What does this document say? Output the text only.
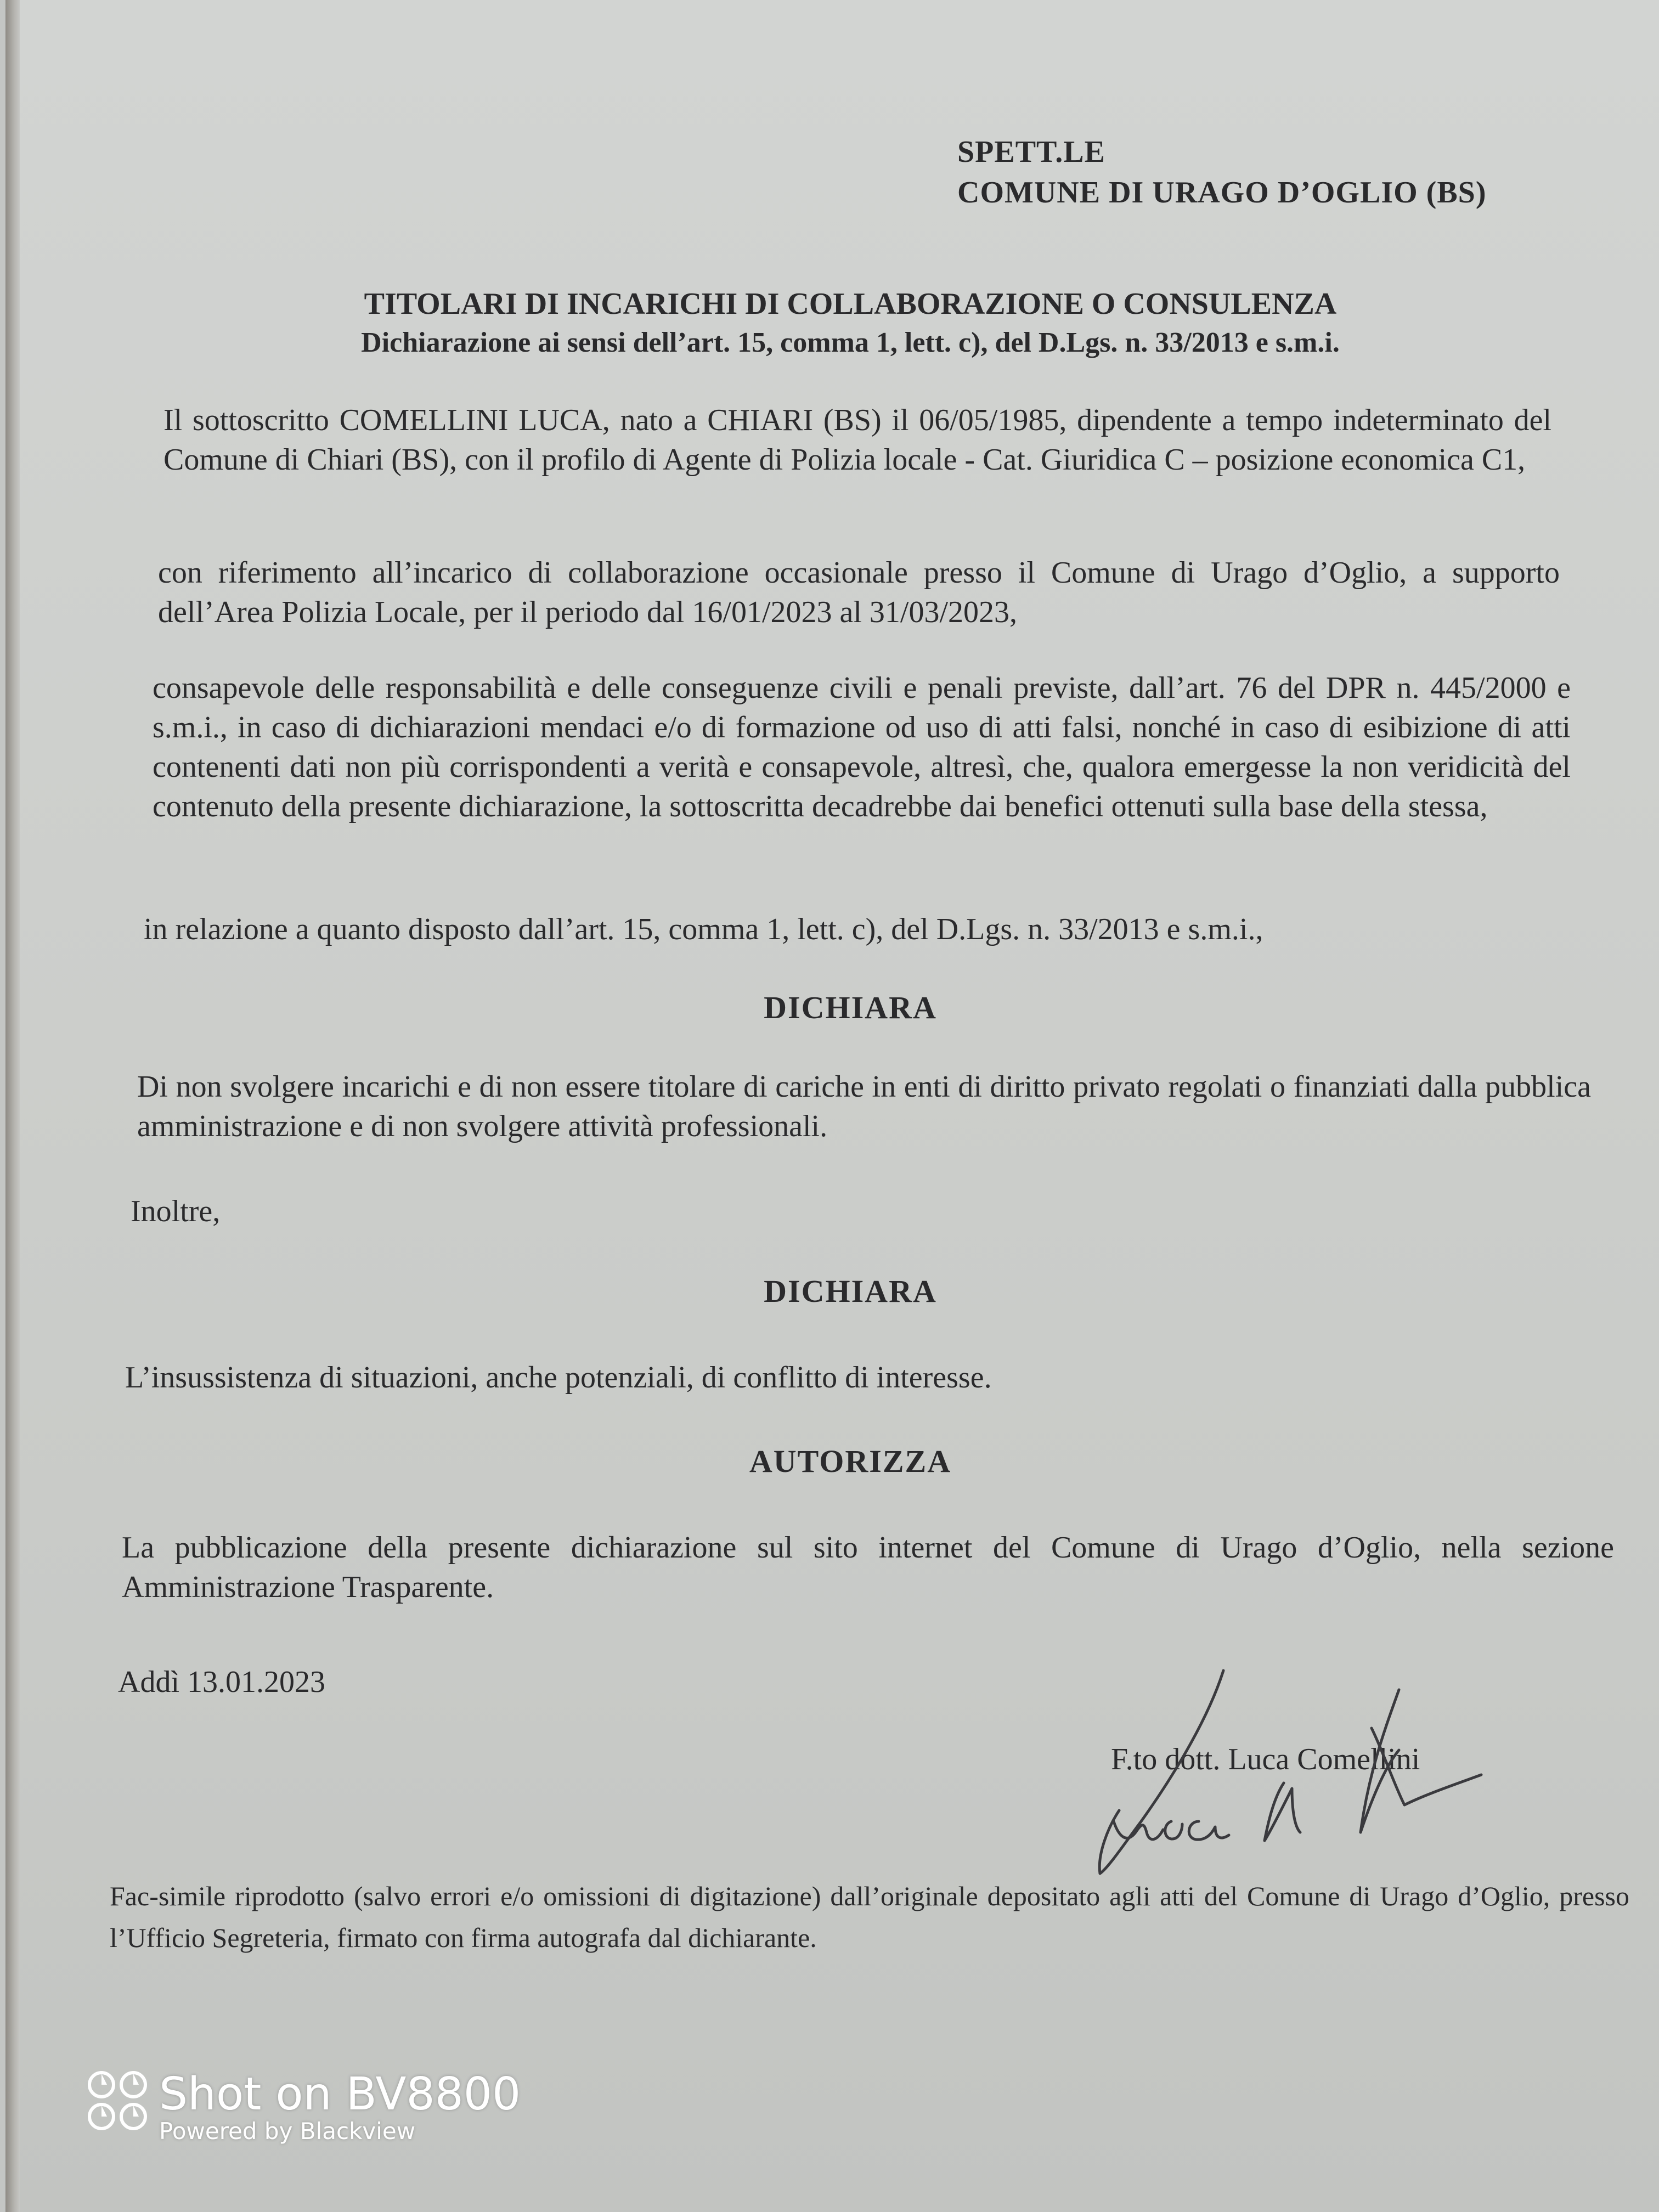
SPETT.LE
COMUNE DI URAGO D’OGLIO (BS)
TITOLARI DI INCARICHI DI COLLABORAZIONE O CONSULENZA
Dichiarazione ai sensi dell’art. 15, comma 1, lett. c), del D.Lgs. n. 33/2013 e s.m.i.
Il sottoscritto COMELLINI LUCA, nato a CHIARI (BS) il 06/05/1985, dipendente a tempo indeterminato del Comune di Chiari (BS), con il profilo di Agente di Polizia locale - Cat. Giuridica C – posizione economica C1,
con riferimento all’incarico di collaborazione occasionale presso il Comune di Urago d’Oglio, a supporto dell’Area Polizia Locale, per il periodo dal 16/01/2023 al 31/03/2023,
consapevole delle responsabilità e delle conseguenze civili e penali previste, dall’art. 76 del DPR n. 445/2000 e s.m.i., in caso di dichiarazioni mendaci e/o di formazione od uso di atti falsi, nonché in caso di esibizione di atti contenenti dati non più corrispondenti a verità e consapevole, altresì, che, qualora emergesse la non veridicità del contenuto della presente dichiarazione, la sottoscritta decadrebbe dai benefici ottenuti sulla base della stessa,
in relazione a quanto disposto dall’art. 15, comma 1, lett. c), del D.Lgs. n. 33/2013 e s.m.i.,
DICHIARA
Di non svolgere incarichi e di non essere titolare di cariche in enti di diritto privato regolati o finanziati dalla pubblica amministrazione e di non svolgere attività professionali.
Inoltre,
DICHIARA
L’insussistenza di situazioni, anche potenziali, di conflitto di interesse.
AUTORIZZA
La pubblicazione della presente dichiarazione sul sito internet del Comune di Urago d’Oglio, nella sezione Amministrazione Trasparente.
Addì 13.01.2023
F.to dott. Luca Comellini
Fac-simile riprodotto (salvo errori e/o omissioni di digitazione) dall’originale depositato agli atti del Comune di Urago d’Oglio, presso l’Ufficio Segreteria, firmato con firma autografa dal dichiarante.
Shot on BV8800
Powered by Blackview
